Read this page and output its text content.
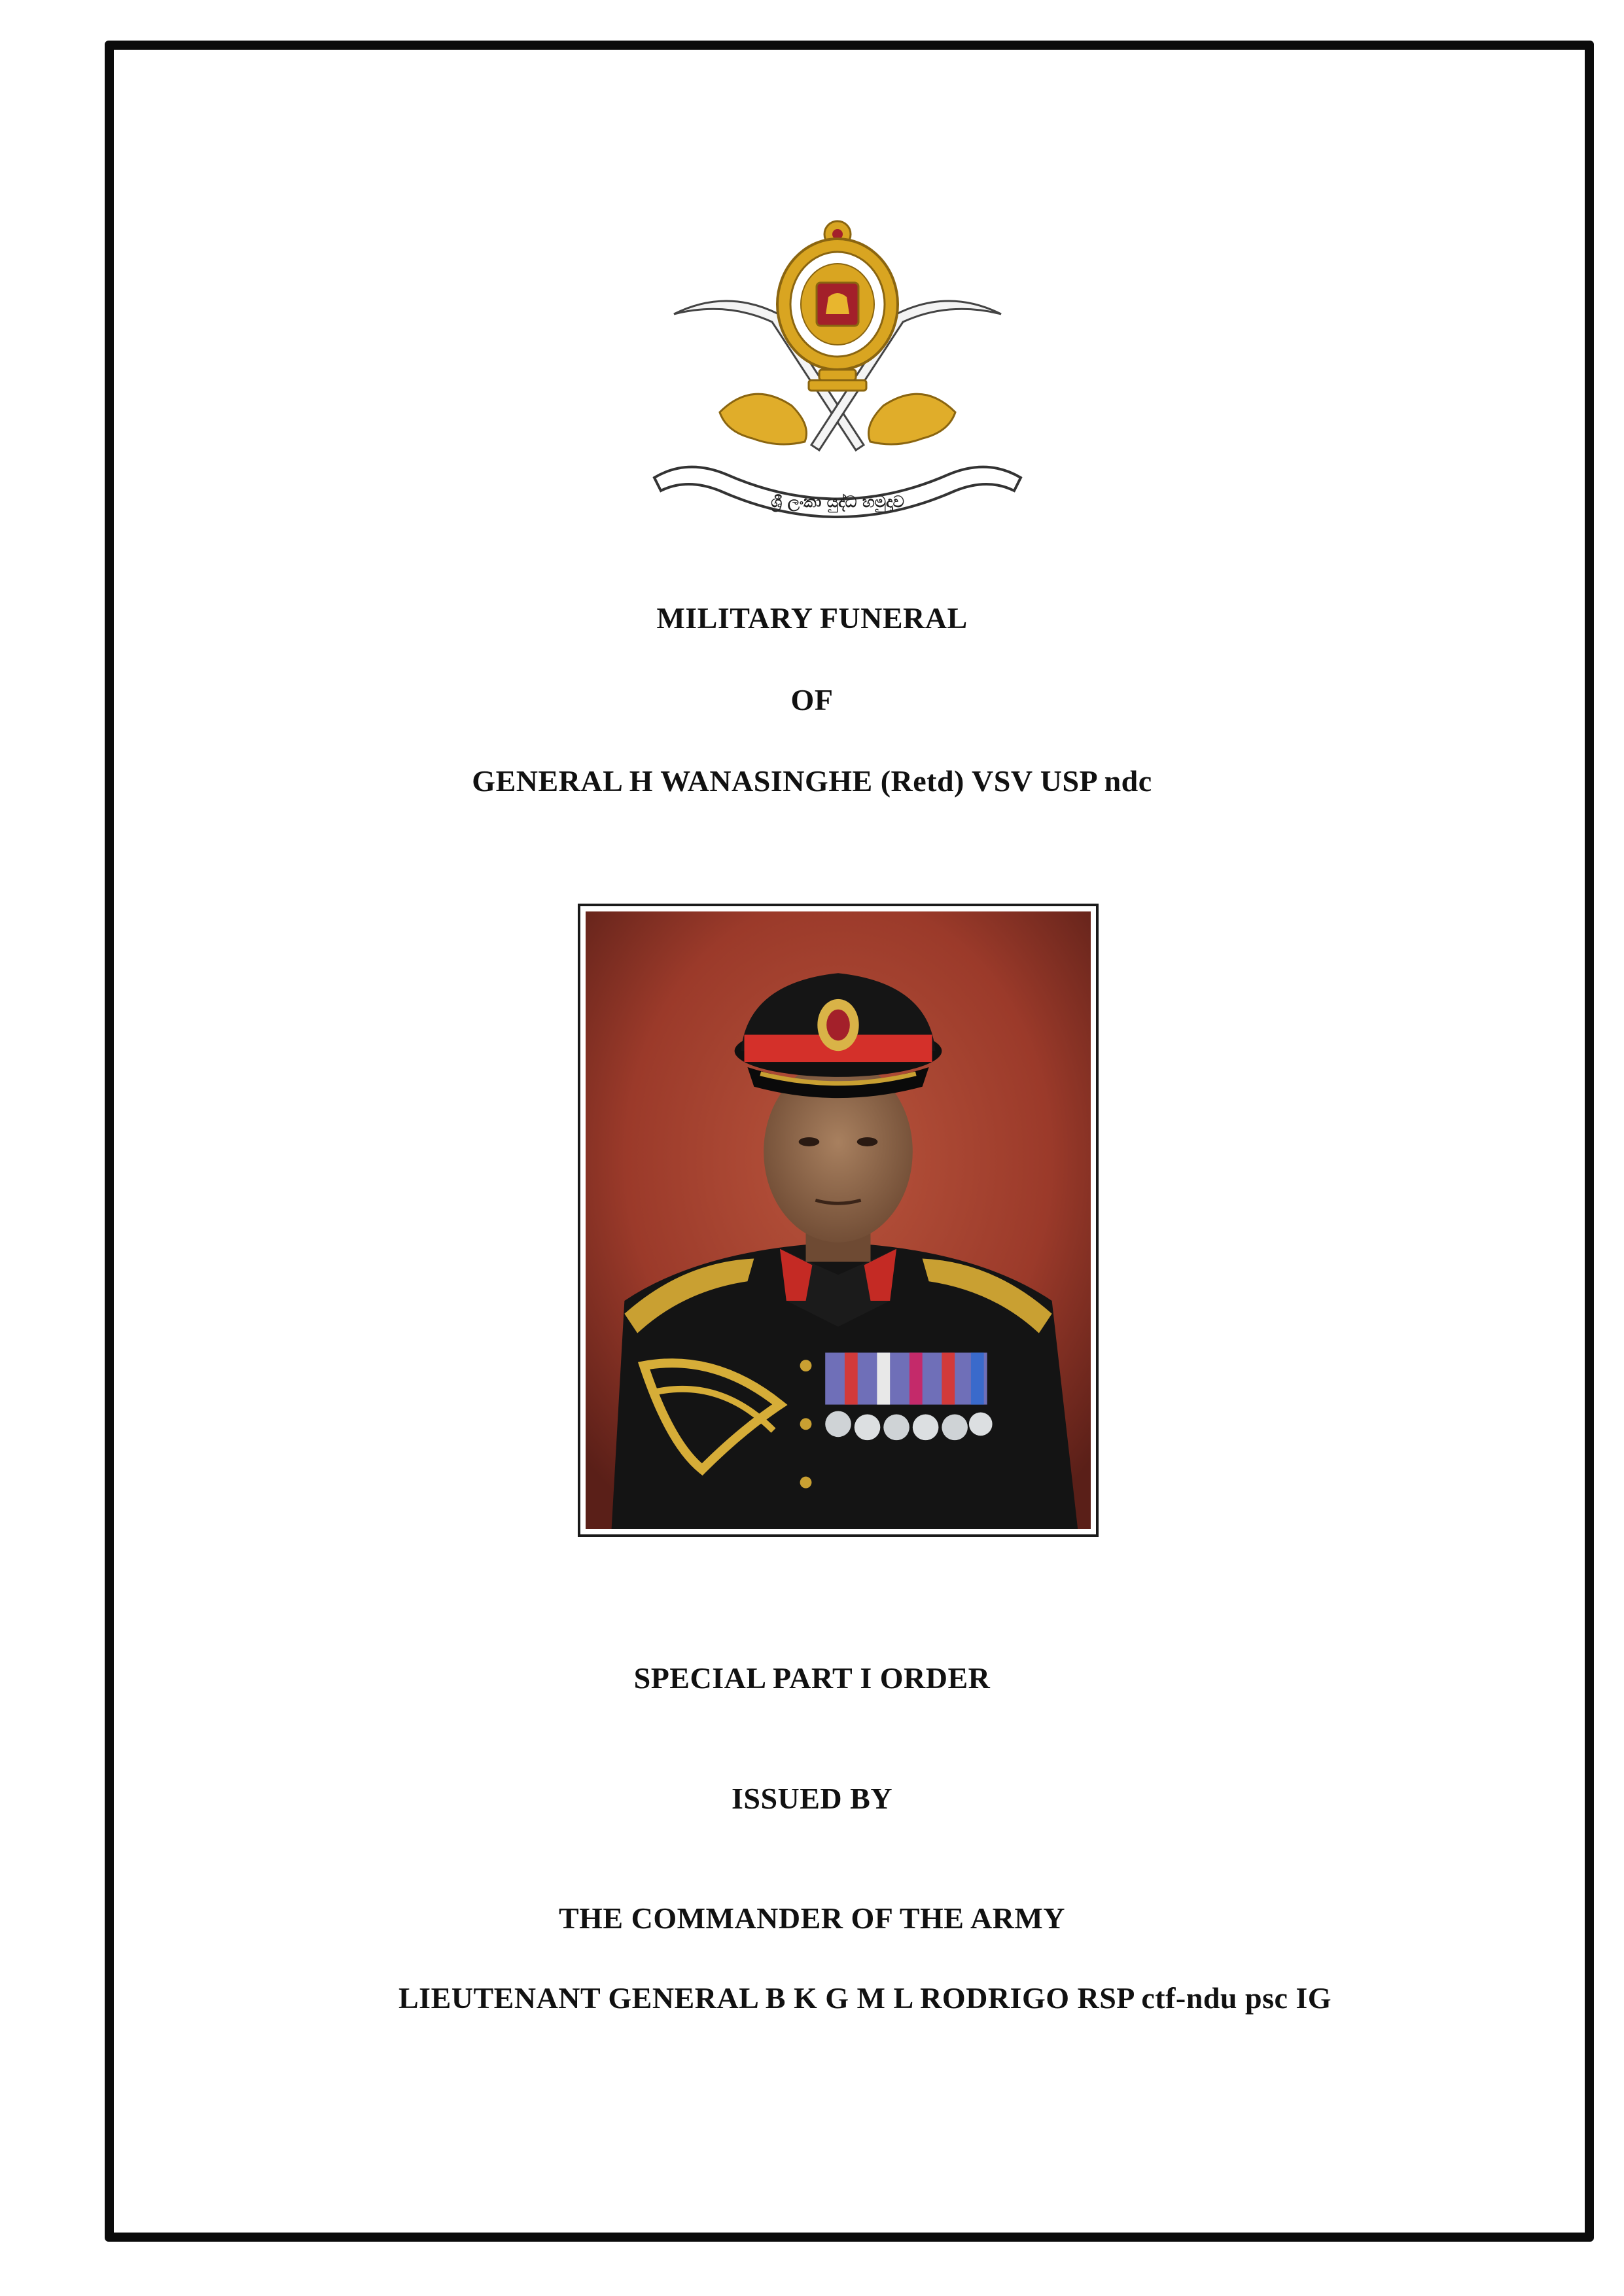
ශ්‍රී ලංකා යුද්ධ හමුදාව
MILITARY FUNERAL
OF
GENERAL H WANASINGHE (Retd) VSV USP ndc
SPECIAL PART I ORDER
ISSUED BY
THE COMMANDER OF THE ARMY
LIEUTENANT GENERAL B K G M L RODRIGO RSP ctf-ndu psc IG
